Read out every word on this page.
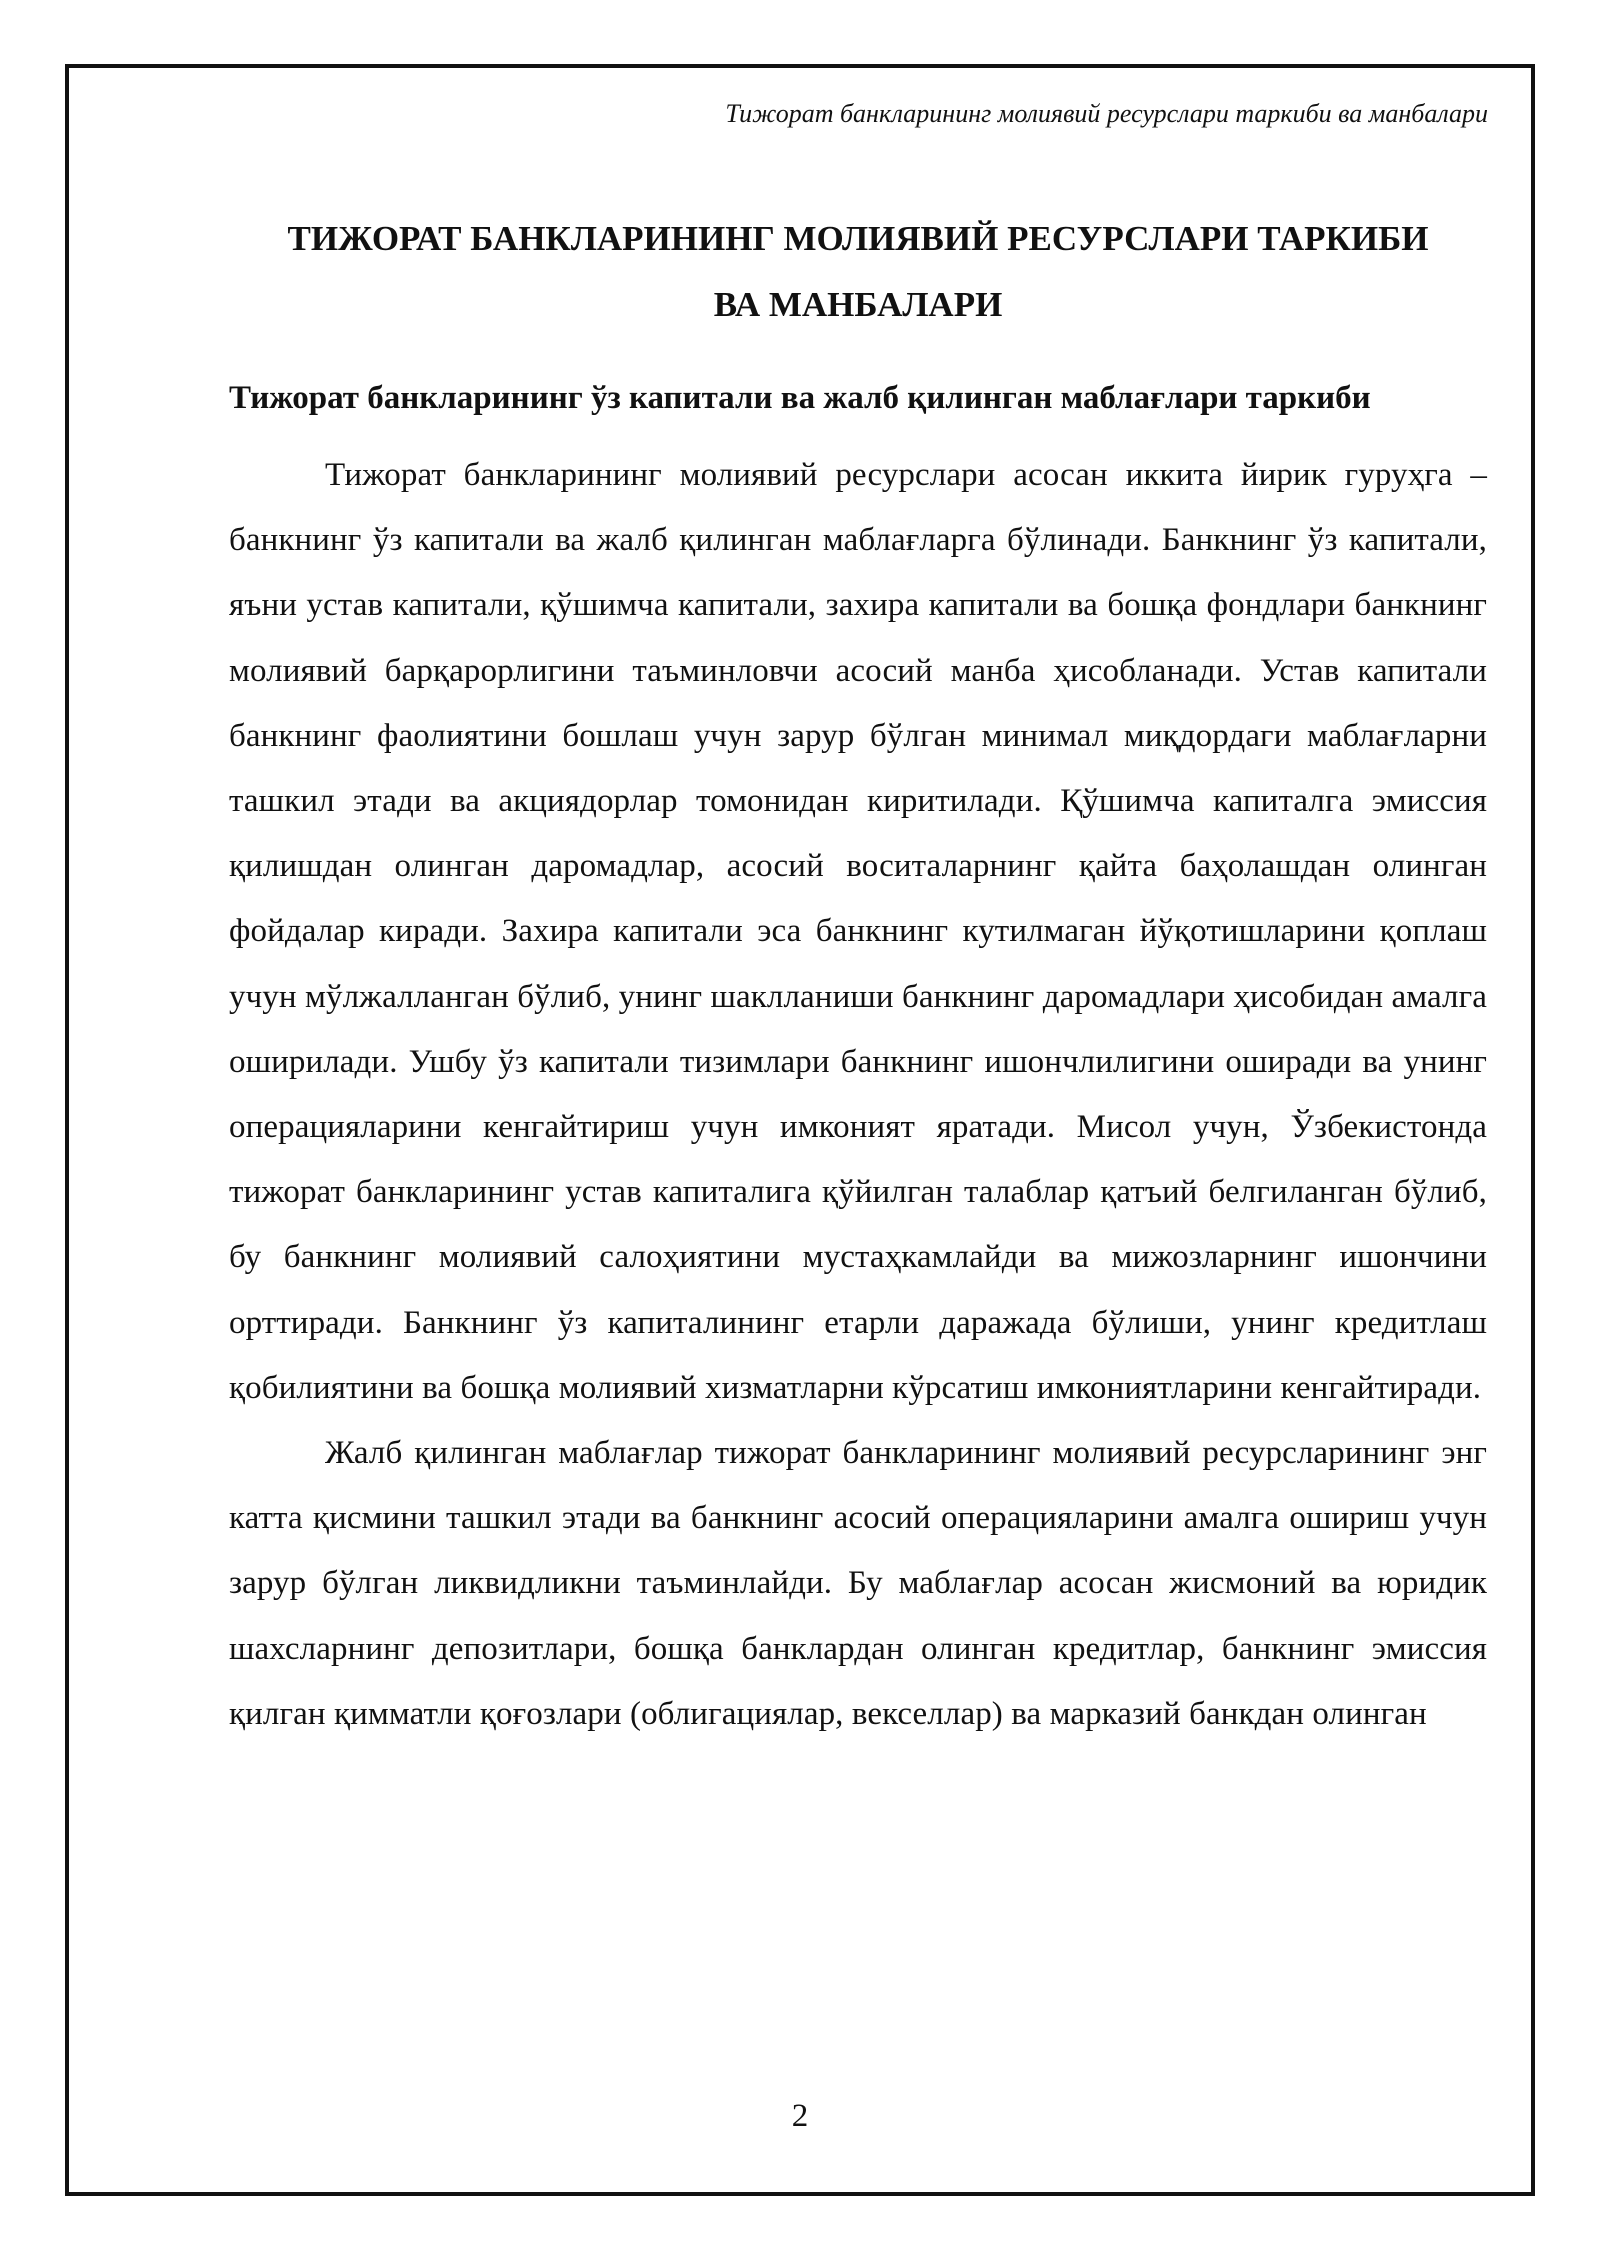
Тижорат банкларининг молиявий ресурслари таркиби ва манбалари
ТИЖОРАТ БАНКЛАРИНИНГ МОЛИЯВИЙ РЕСУРСЛАРИ ТАРКИБИ
ВА МАНБАЛАРИ
Тижорат банкларининг ўз капитали ва жалб қилинган маблағлари таркиби

Тижорат банкларининг молиявий ресурслари асосан иккита йирик гуруҳга – банкнинг ўз капитали ва жалб қилинган маблағларга бўлинади. Банкнинг ўз капитали, яъни устав капитали, қўшимча капитали, захира капитали ва бошқа фондлари банкнинг молиявий барқарорлигини таъминловчи асосий манба ҳисобланади. Устав капитали банкнинг фаолиятини бошлаш учун зарур бўлган минимал миқдордаги маблағларни ташкил этади ва акциядорлар томонидан киритилади. Қўшимча капиталга эмиссия қилишдан олинган даромадлар, асосий воситаларнинг қайта баҳолашдан олинган фойдалар киради. Захира капитали эса банкнинг кутилмаган йўқотишларини қоплаш учун мўлжалланган бўлиб, унинг шаклланиши банкнинг даромадлари ҳисобидан амалга оширилади. Ушбу ўз капитали тизимлари банкнинг ишончлилигини оширади ва унинг операцияларини кенгайтириш учун имконият яратади. Мисол учун, Ўзбекистонда тижорат банкларининг устав капиталига қўйилган талаблар қатъий белгиланган бўлиб, бу банкнинг молиявий салоҳиятини мустаҳкамлайди ва мижозларнинг ишончини орттиради. Банкнинг ўз капиталининг етарли даражада бўлиши, унинг кредитлаш қобилиятини ва бошқа молиявий хизматларни кўрсатиш имкониятларини кенгайтиради.

Жалб қилинган маблағлар тижорат банкларининг молиявий ресурсларининг энг катта қисмини ташкил этади ва банкнинг асосий операцияларини амалга ошириш учун зарур бўлган ликвидликни таъминлайди. Бу маблағлар асосан жисмоний ва юридик шахсларнинг депозитлари, бошқа банклардан олинган кредитлар, банкнинг эмиссия қилган қимматли қоғозлари (облигациялар, векселлар) ва марказий банкдан олинган

2
